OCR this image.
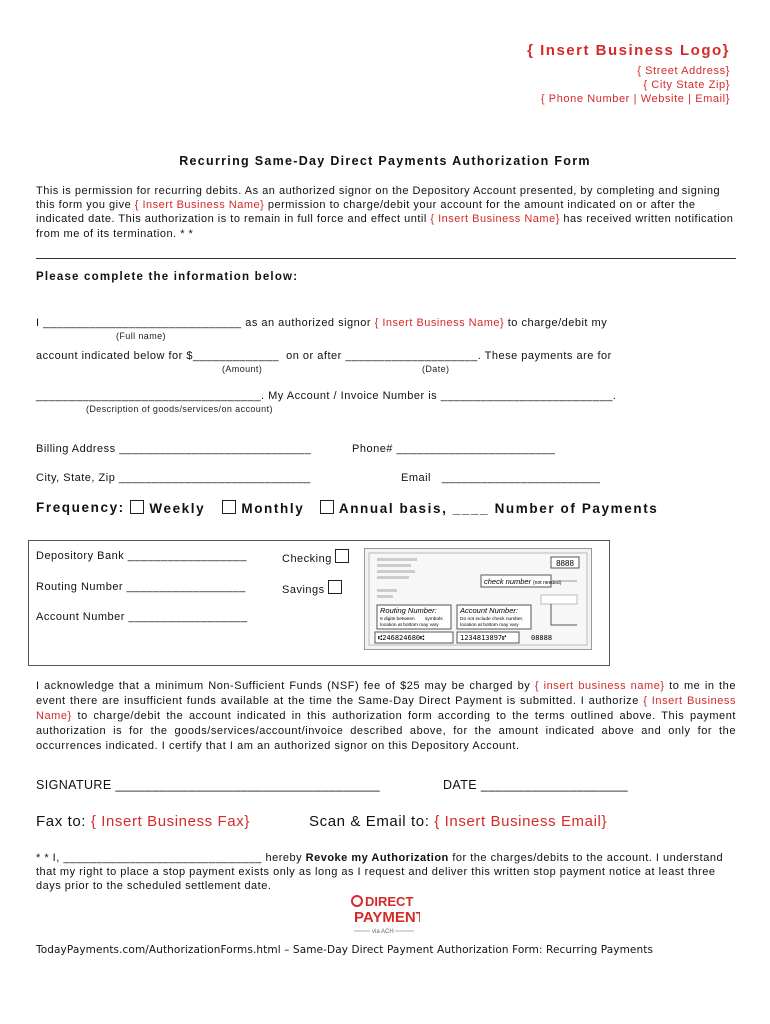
{ Insert Business Logo}
{ Street Address}
{ City State Zip}
{ Phone Number | Website | Email}
Recurring Same-Day Direct Payments Authorization Form
This is permission for recurring debits. As an authorized signor on the Depository Account presented, by completing and signing this form you give { Insert Business Name} permission to charge/debit your account for the amount indicated on or after the indicated date. This authorization is to remain in full force and effect until { Insert Business Name} has received written notification from me of its termination. * *
Please complete the information below:
I ______________________________ as an authorized signor { Insert Business Name} to charge/debit my
(Full name)
account indicated below for $_____________ on or after ____________________. These payments are for
(Amount)	(Date)
__________________________________. My Account / Invoice Number is __________________________.
(Description of goods/services/on account)
Billing Address _____________________________	Phone# ________________________
City, State, Zip _____________________________	Email ________________________
Frequency:	Weekly	Monthly	Annual basis, ____ Number of Payments
Depository Bank __________________
Routing Number __________________
Account Number __________________
Checking
Savings
8888
check number (not needed)
Routing Number:
9 digits between symbols
location at bottom may vary
Account Number:
Do not include check number,
location at bottom may vary
⑆246824680⑆	1234813897⑈	08888
I acknowledge that a minimum Non-Sufficient Funds (NSF) fee of $25 may be charged by { insert business name} to me in the event there are insufficient funds available at the time the Same-Day Direct Payment is submitted. I authorize { Insert Business Name} to charge/debit the account indicated in this authorization form according to the terms outlined above. This payment authorization is for the goods/services/account/invoice described above, for the amount indicated above and only for the occurrences indicated. I certify that I am an authorized signor on this Depository Account.
SIGNATURE ____________________________________	DATE ____________________
Fax to: { Insert Business Fax}	Scan & Email to: { Insert Business Email}
* * I, ______________________________ hereby Revoke my Authorization for the charges/debits to the account. I understand that my right to place a stop payment exists only as long as I request and deliver this written stop payment notice at least three days prior to the scheduled settlement date.
DIRECT
PAYMENT
via ACH
TodayPayments.com/AuthorizationForms.html – Same-Day Direct Payment Authorization Form: Recurring Payments
